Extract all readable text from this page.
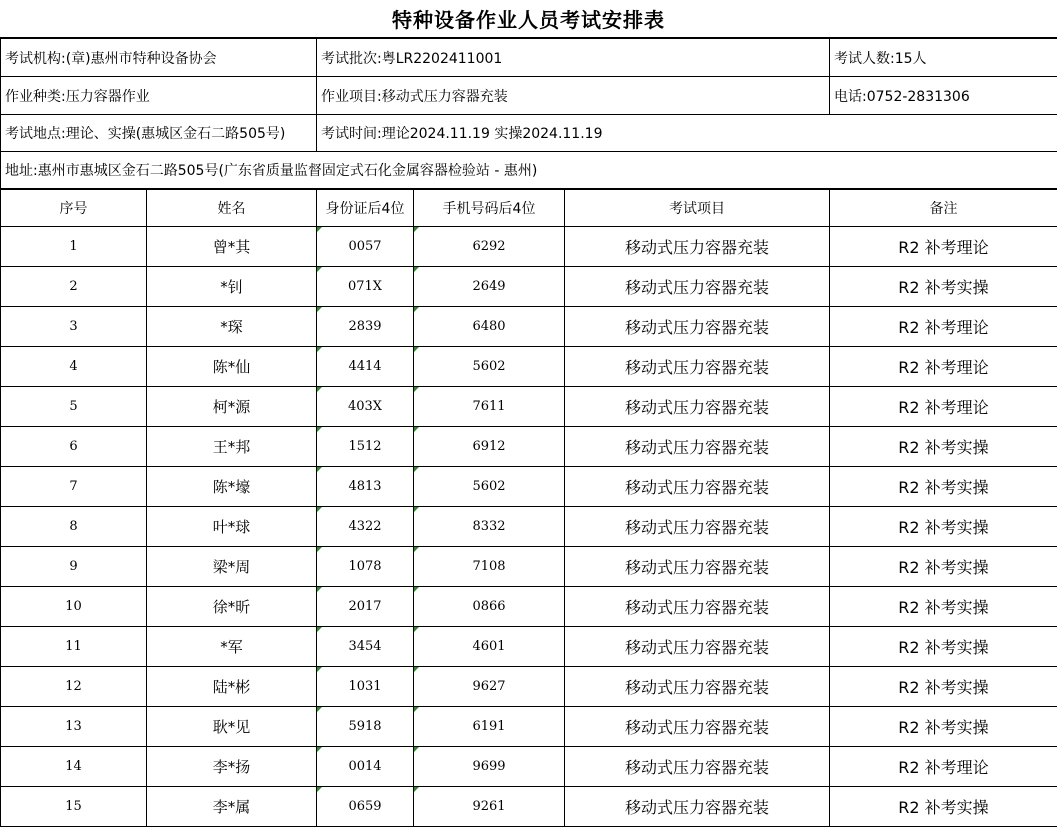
特种设备作业人员考试安排表
考试机构:(章)惠州市特种设备协会	考试批次:粤LR2202411001	考试人数:15人
作业种类:压力容器作业	作业项目:移动式压力容器充装	电话:0752-2831306
考试地点:理论、实操(惠城区金石二路505号)	考试时间:理论2024.11.19 实操2024.11.19	
地址:惠州市惠城区金石二路505号(广东省质量监督固定式石化金属容器检验站 - 惠州)		
序号	姓名	身份证后4位	手机号码后4位	考试项目	备注
1	曾*其	0057	6292	移动式压力容器充装	R2 补考理论
2	*钊	071X	2649	移动式压力容器充装	R2 补考实操
3	*琛	2839	6480	移动式压力容器充装	R2 补考理论
4	陈*仙	4414	5602	移动式压力容器充装	R2 补考理论
5	柯*源	403X	7611	移动式压力容器充装	R2 补考理论
6	王*邦	1512	6912	移动式压力容器充装	R2 补考实操
7	陈*壕	4813	5602	移动式压力容器充装	R2 补考实操
8	叶*球	4322	8332	移动式压力容器充装	R2 补考实操
9	梁*周	1078	7108	移动式压力容器充装	R2 补考实操
10	徐*昕	2017	0866	移动式压力容器充装	R2 补考实操
11	*军	3454	4601	移动式压力容器充装	R2 补考实操
12	陆*彬	1031	9627	移动式压力容器充装	R2 补考实操
13	耿*见	5918	6191	移动式压力容器充装	R2 补考实操
14	李*扬	0014	9699	移动式压力容器充装	R2 补考理论
15	李*属	0659	9261	移动式压力容器充装	R2 补考实操
